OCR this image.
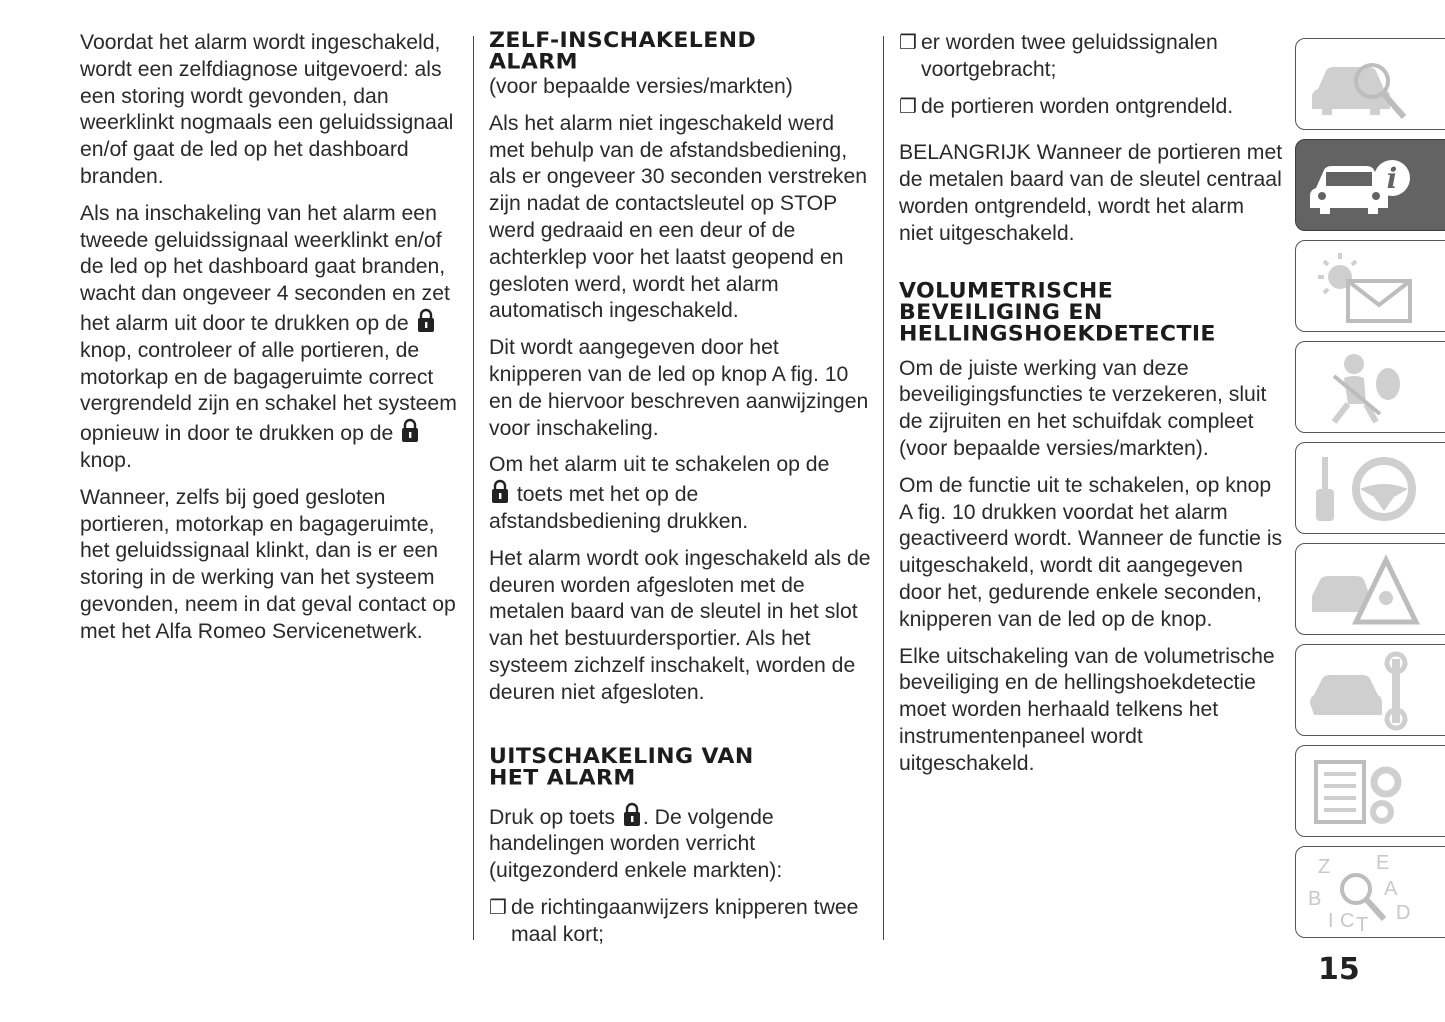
Voordat het alarm wordt ingeschakeld, wordt een zelfdiagnose uitgevoerd: als een storing wordt gevonden, dan weerklinkt nogmaals een geluidssignaal en/of gaat de led op het dashboard branden.

Als na inschakeling van het alarm een tweede geluidssignaal weerklinkt en/of de led op het dashboard gaat branden, wacht dan ongeveer 4 seconden en zet het alarm uit door te drukken op de  knop, controleer of alle portieren, de motorkap en de bagageruimte correct vergrendeld zijn en schakel het systeem opnieuw in door te drukken op de  knop.

Wanneer, zelfs bij goed gesloten portieren, motorkap en bagageruimte, het geluidssignaal klinkt, dan is er een storing in de werking van het systeem gevonden, neem in dat geval contact op met het Alfa Romeo Servicenetwerk.

ZELF-INSCHAKELEND
ALARM

(voor bepaalde versies/markten)

Als het alarm niet ingeschakeld werd met behulp van de afstandsbediening, als er ongeveer 30 seconden verstreken zijn nadat de contactsleutel op STOP werd gedraaid en een deur of de achterklep voor het laatst geopend en gesloten werd, wordt het alarm automatisch ingeschakeld.

Dit wordt aangegeven door het knipperen van de led op knop A fig. 10 en de hiervoor beschreven aanwijzingen voor inschakeling.

Om het alarm uit te schakelen op de
toets met het op de afstandsbediening drukken.

Het alarm wordt ook ingeschakeld als de deuren worden afgesloten met de metalen baard van de sleutel in het slot van het bestuurdersportier. Als het systeem zichzelf inschakelt, worden de deuren niet afgesloten.

UITSCHAKELING VAN
HET ALARM

Druk op toets . De volgende handelingen worden verricht (uitgezonderd enkele markten):

❒ de richtingaanwijzers knipperen twee maal kort;
❒ er worden twee geluidssignalen voortgebracht;
❒ de portieren worden ontgrendeld.

BELANGRIJK Wanneer de portieren met de metalen baard van de sleutel centraal worden ontgrendeld, wordt het alarm niet uitgeschakeld.

VOLUMETRISCHE
BEVEILIGING EN
HELLINGSHOEKDETECTIE

Om de juiste werking van deze beveiligingsfuncties te verzekeren, sluit de zijruiten en het schuifdak compleet (voor bepaalde versies/markten).

Om de functie uit te schakelen, op knop A fig. 10 drukken voordat het alarm geactiveerd wordt. Wanneer de functie is uitgeschakeld, wordt dit aangegeven door het, gedurende enkele seconden, knipperen van de led op de knop.

Elke uitschakeling van de volumetrische beveiliging en de hellingshoekdetectie moet worden herhaald telkens het instrumentenpaneel wordt uitgeschakeld.

i
Z E
A
B
D
I C T
15
